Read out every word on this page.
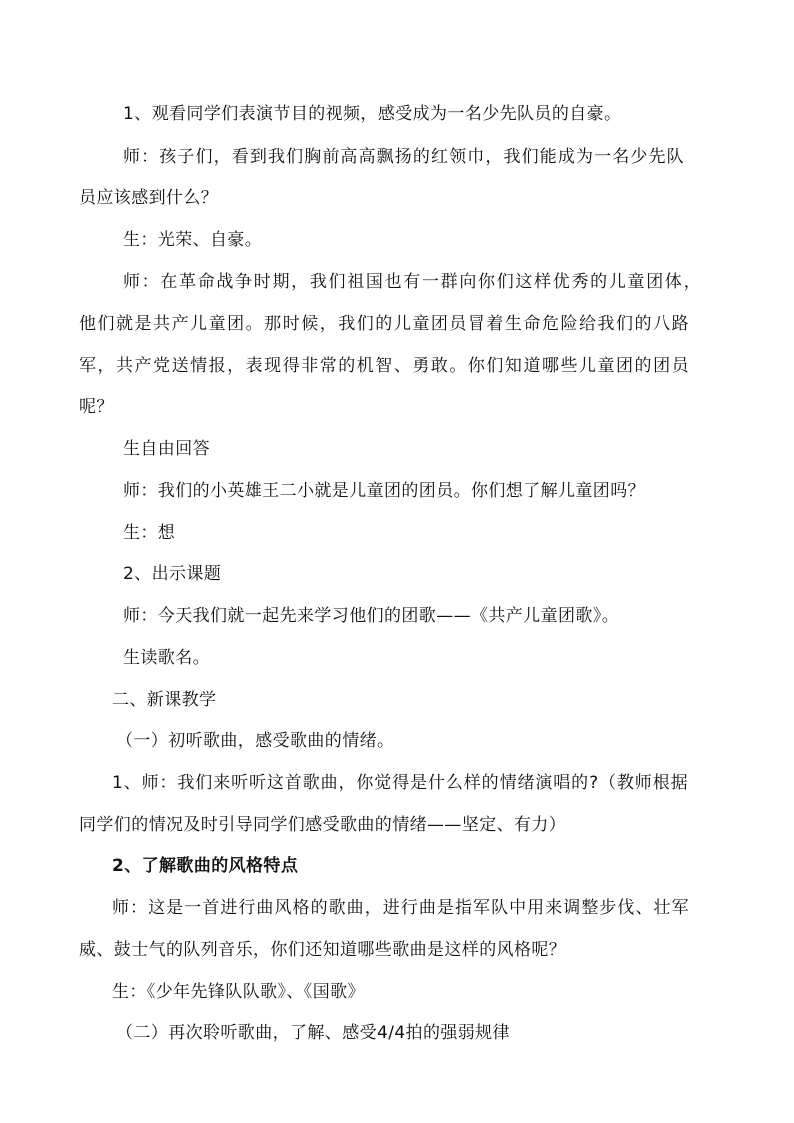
1、观看同学们表演节目的视频，感受成为一名少先队员的自豪。

师：孩子们，看到我们胸前高高飘扬的红领巾，我们能成为一名少先队

员应该感到什么？

生：光荣、自豪。

师：在革命战争时期，我们祖国也有一群向你们这样优秀的儿童团体，

他们就是共产儿童团。那时候，我们的儿童团员冒着生命危险给我们的八路

军，共产党送情报，表现得非常的机智、勇敢。你们知道哪些儿童团的团员

呢？

生自由回答

师：我们的小英雄王二小就是儿童团的团员。你们想了解儿童团吗？

生：想

2、出示课题

师：今天我们就一起先来学习他们的团歌——《共产儿童团歌》。

生读歌名。

二、新课教学

（一）初听歌曲，感受歌曲的情绪。

1、师：我们来听听这首歌曲，你觉得是什么样的情绪演唱的?（教师根据

同学们的情况及时引导同学们感受歌曲的情绪——坚定、有力）

2、了解歌曲的风格特点

师：这是一首进行曲风格的歌曲，进行曲是指军队中用来调整步伐、壮军

威、鼓士气的队列音乐，你们还知道哪些歌曲是这样的风格呢？

生：《少年先锋队队歌》、《国歌》

（二）再次聆听歌曲，了解、感受4/4拍的强弱规律
